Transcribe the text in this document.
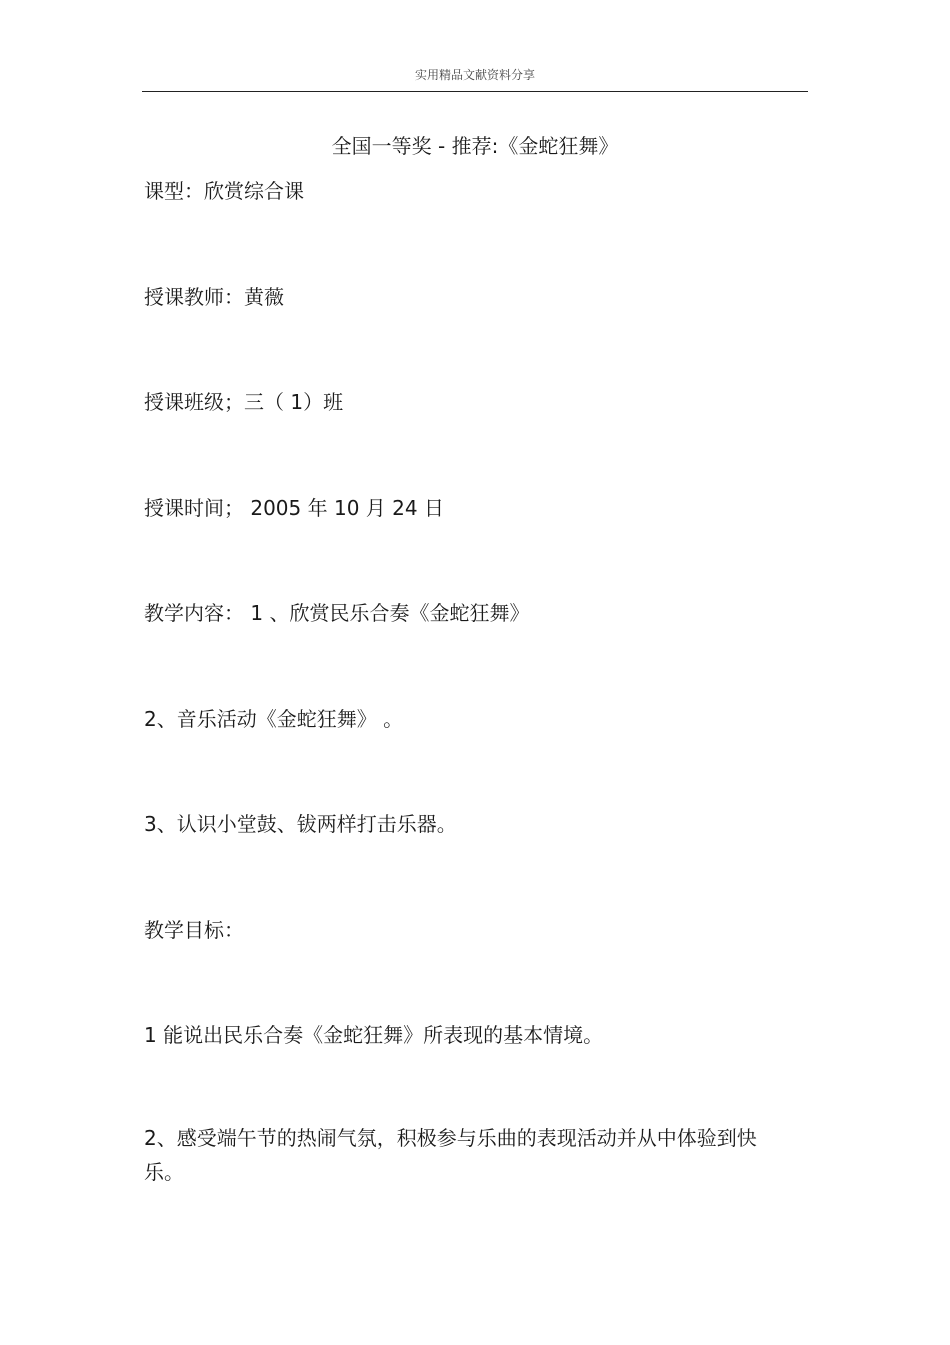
实用精品文献资料分享
全国一等奖 - 推荐:《金蛇狂舞》
课型：欣赏综合课
授课教师：黄薇
授课班级；三（ 1）班
授课时间； 2005 年 10 月 24 日
教学内容： 1 、欣赏民乐合奏《金蛇狂舞》
2、音乐活动《金蛇狂舞》 。
3、认识小堂鼓、钹两样打击乐器。
教学目标：
1 能说出民乐合奏《金蛇狂舞》所表现的基本情境。
2、感受端午节的热闹气氛，积极参与乐曲的表现活动并从中体验到快乐。
